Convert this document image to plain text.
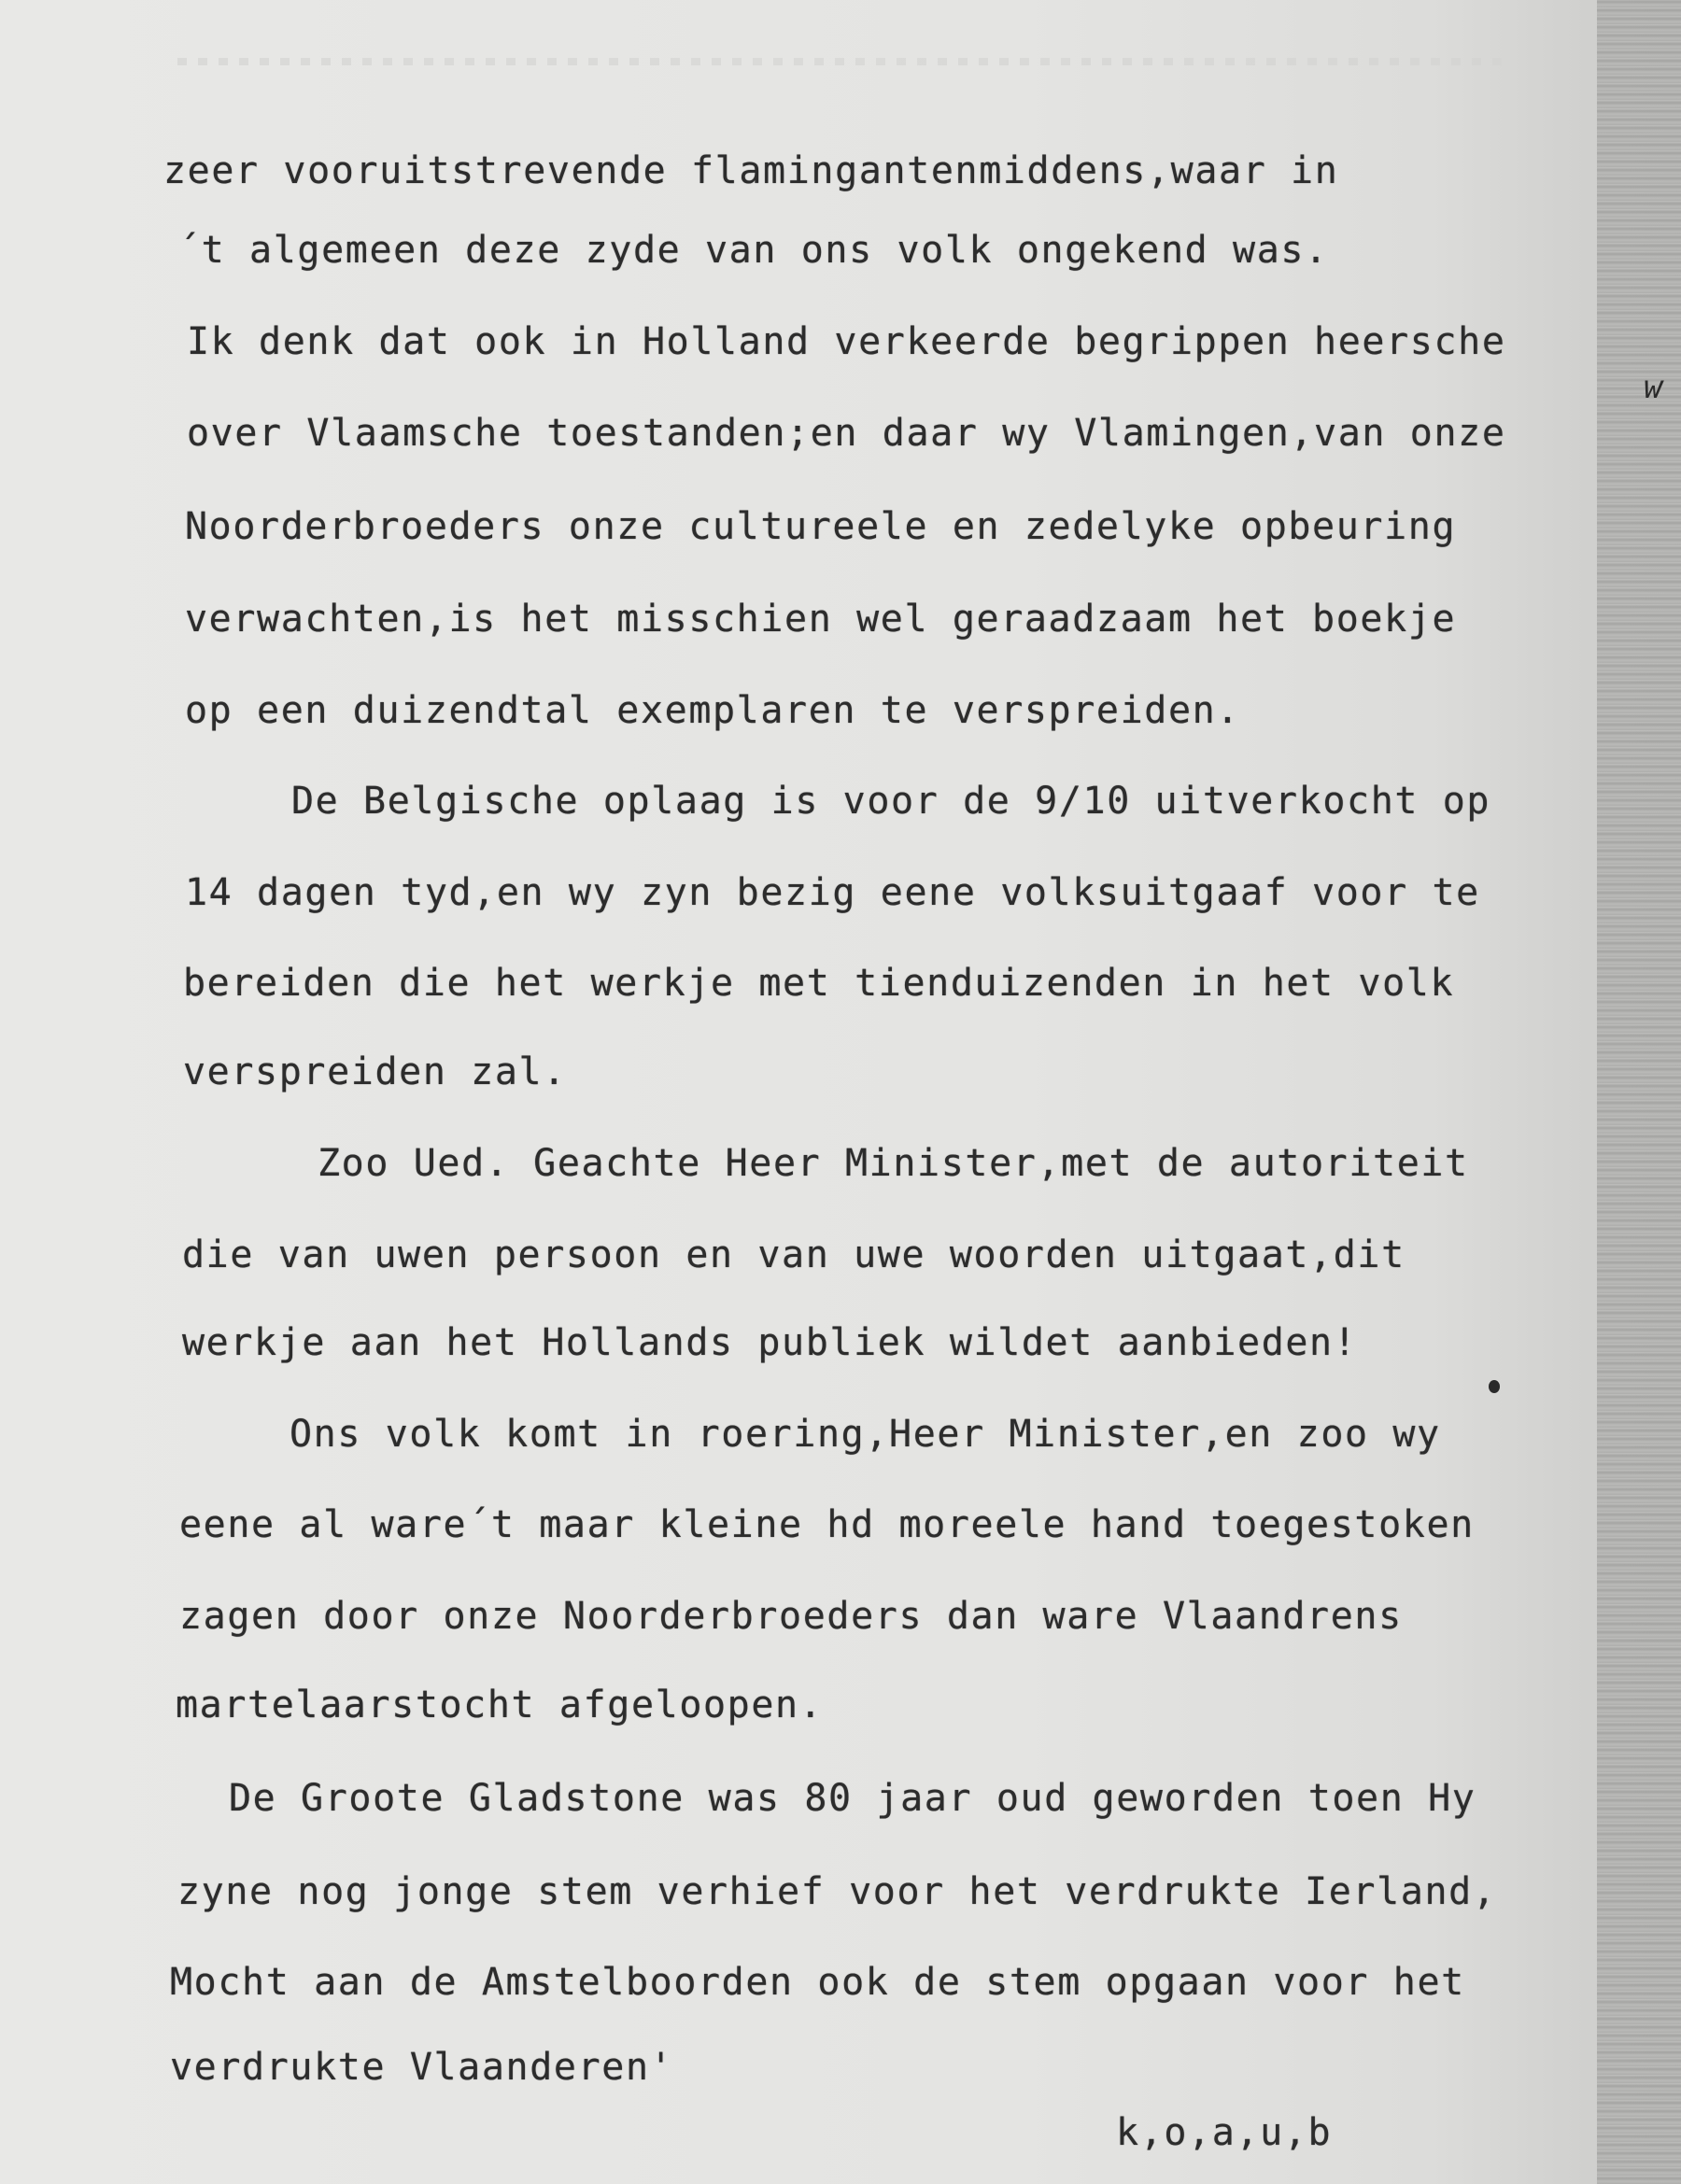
zeer vooruitstrevende flamingantenmiddens,waar in

´t algemeen deze zyde van ons volk ongekend was.

Ik denk dat ook in Holland verkeerde begrippen heersche

over Vlaamsche toestanden;en daar wy Vlamingen,van onze

Noorderbroeders onze cultureele en zedelyke opbeuring

verwachten,is het misschien wel geraadzaam het boekje

op een duizendtal exemplaren te verspreiden.

De Belgische oplaag is voor de 9/10 uitverkocht op

14 dagen tyd,en wy zyn bezig eene volksuitgaaf voor te

bereiden die het werkje met tienduizenden in het volk

verspreiden zal.

Zoo Ued. Geachte Heer Minister,met de autoriteit

die van uwen persoon en van uwe woorden uitgaat,dit

werkje aan het Hollands publiek wildet aanbieden!

Ons volk komt in roering,Heer Minister,en zoo wy

eene al ware´t maar kleine hd moreele hand toegestoken

zagen door onze Noorderbroeders dan ware Vlaandrens

martelaarstocht afgeloopen.

De Groote Gladstone was 80 jaar oud geworden toen Hy

zyne nog jonge stem verhief voor het verdrukte Ierland,

Mocht aan de Amstelboorden ook de stem opgaan voor het

verdrukte Vlaanderen'

k,o,a,u,b

w
